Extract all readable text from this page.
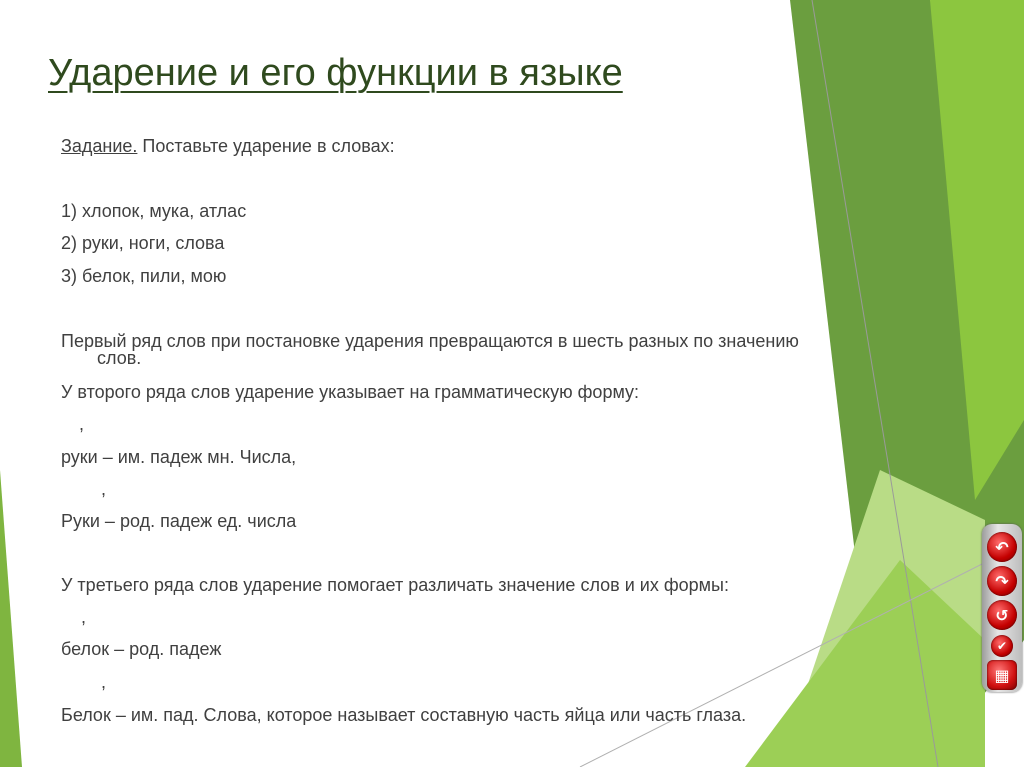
Ударение и его функции в языке
Задание. Поставьте ударение в словах:
1) хлопок, мука, атлас
2) руки, ноги, слова
3) белок, пили, мою
Первый ряд слов при постановке ударения превращаются в шесть разных по значению
слов.
У второго ряда слов ударение указывает на грамматическую форму:
,
руки – им. падеж мн. Числа,
,
Руки – род. падеж ед. числа
У третьего ряда слов ударение помогает различать значение слов и их формы:
,
белок – род. падеж
,
Белок – им. пад. Слова, которое называет составную часть яйца или часть глаза.
↶
↷
↺
✔
▦
